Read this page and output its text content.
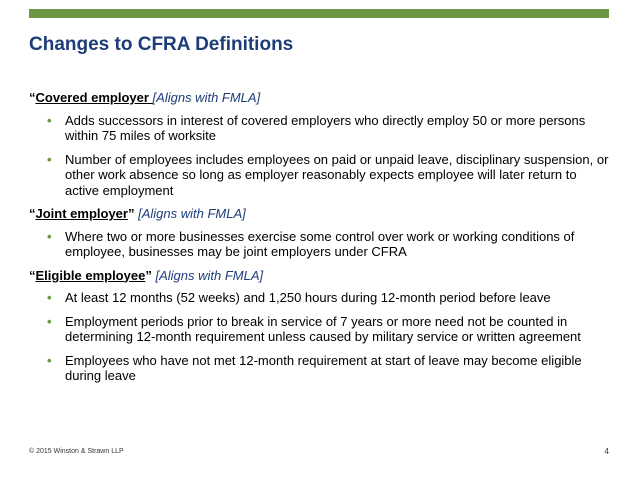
Changes to CFRA Definitions

“Covered employer [Aligns with FMLA]

• Adds successors in interest of covered employers who directly employ 50 or more persons within 75 miles of worksite
• Number of employees includes employees on paid or unpaid leave, disciplinary suspension, or other work absence so long as employer reasonably expects employee will later return to active employment

“Joint employer” [Aligns with FMLA]

• Where two or more businesses exercise some control over work or working conditions of employee, businesses may be joint employers under CFRA

“Eligible employee” [Aligns with FMLA]

• At least 12 months (52 weeks) and 1,250 hours during 12-month period before leave
• Employment periods prior to break in service of 7 years or more need not be counted in determining 12-month requirement unless caused by military service or written agreement
• Employees who have not met 12-month requirement at start of leave may become eligible during leave
© 2015 Winston & Strawn LLP	4
